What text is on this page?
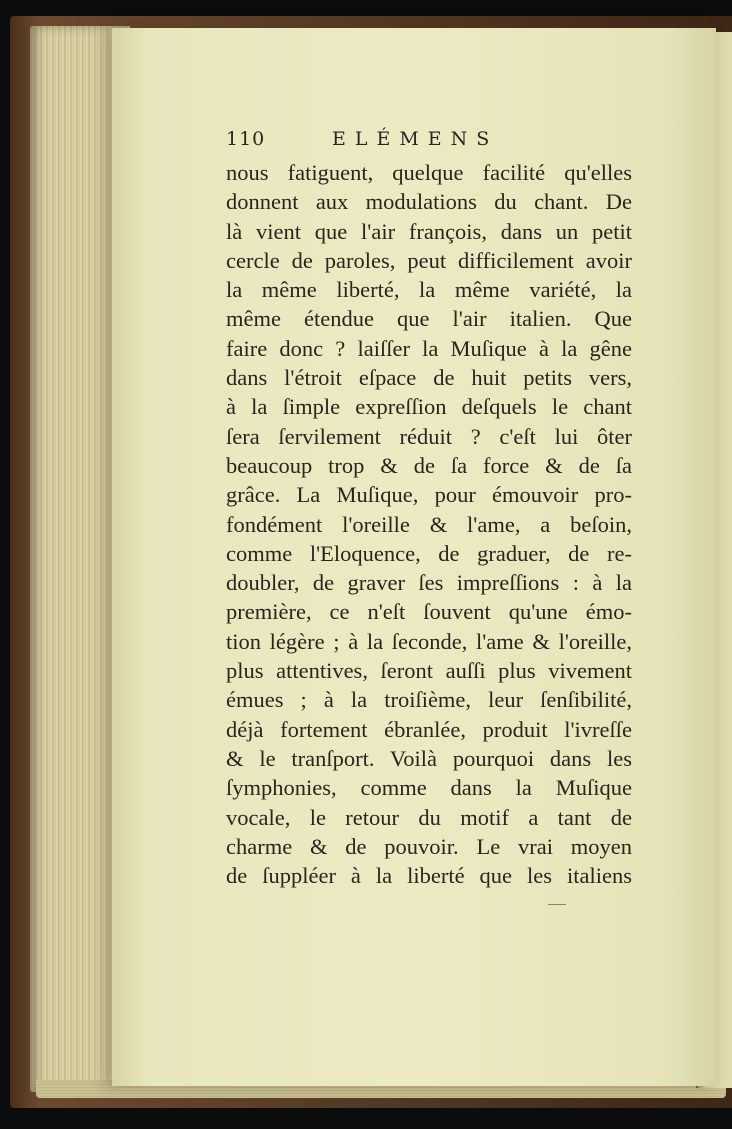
110	ELÉMENS
nous fatiguent, quelque facilité qu'elles
donnent aux modulations du chant. De
là vient que l'air françois, dans un petit
cercle de paroles, peut difficilement avoir
la même liberté, la même variété, la
même étendue que l'air italien. Que
faire donc ? laiſſer la Muſique à la gêne
dans l'étroit eſpace de huit petits vers,
à la ſimple expreſſion deſquels le chant
ſera ſervilement réduit ? c'eſt lui ôter
beaucoup trop & de ſa force & de ſa
grâce. La Muſique, pour émouvoir pro-
fondément l'oreille & l'ame, a beſoin,
comme l'Eloquence, de graduer, de re-
doubler, de graver ſes impreſſions : à la
première, ce n'eſt ſouvent qu'une émo-
tion légère ; à la ſeconde, l'ame & l'oreille,
plus attentives, ſeront auſſi plus vivement
émues ; à la troiſième, leur ſenſibilité,
déjà fortement ébranlée, produit l'ivreſſe
& le tranſport. Voilà pourquoi dans les
ſymphonies, comme dans la Muſique
vocale, le retour du motif a tant de
charme & de pouvoir. Le vrai moyen
de ſuppléer à la liberté que les italiens
